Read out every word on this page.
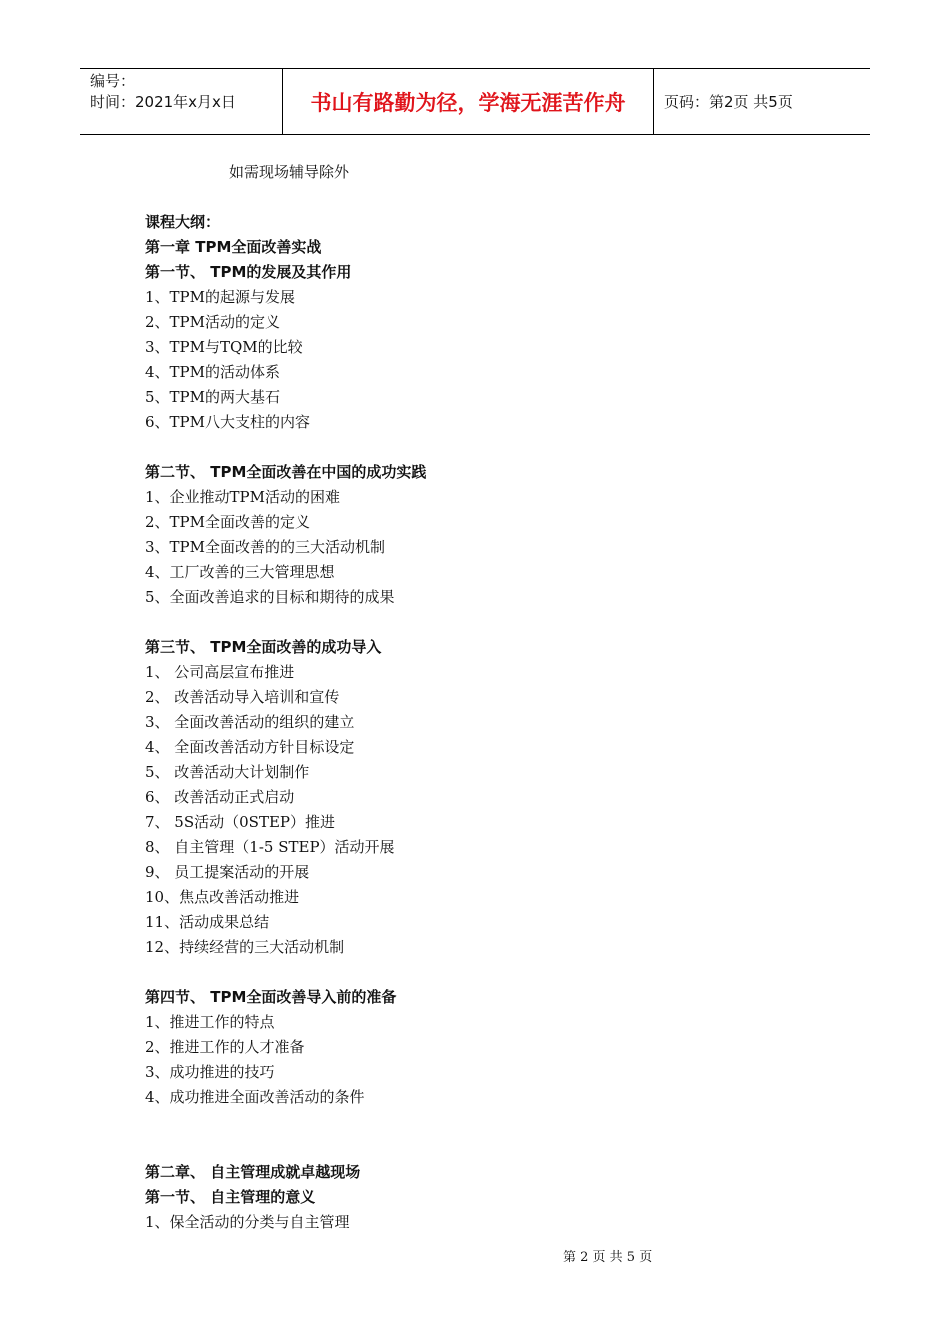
编号：
时间：2021年x月x日	书山有路勤为径，学海无涯苦作舟	页码：第2页 共5页
如需现场辅导除外
课程大纲：
第一章 TPM全面改善实战
第一节、 TPM的发展及其作用
1、TPM的起源与发展
2、TPM活动的定义
3、TPM与TQM的比较
4、TPM的活动体系
5、TPM的两大基石
6、TPM八大支柱的内容
第二节、 TPM全面改善在中国的成功实践
1、企业推动TPM活动的困难
2、TPM全面改善的定义
3、TPM全面改善的的三大活动机制
4、工厂改善的三大管理思想
5、全面改善追求的目标和期待的成果
第三节、 TPM全面改善的成功导入
1、 公司高层宣布推进
2、 改善活动导入培训和宣传
3、 全面改善活动的组织的建立
4、 全面改善活动方针目标设定
5、 改善活动大计划制作
6、 改善活动正式启动
7、 5S活动（0STEP）推进
8、 自主管理（1-5 STEP）活动开展
9、 员工提案活动的开展
10、焦点改善活动推进
11、活动成果总结
12、持续经营的三大活动机制
第四节、 TPM全面改善导入前的准备
1、推进工作的特点
2、推进工作的人才准备
3、成功推进的技巧
4、成功推进全面改善活动的条件
第二章、 自主管理成就卓越现场
第一节、 自主管理的意义
1、保全活动的分类与自主管理
第 2 页 共 5 页
